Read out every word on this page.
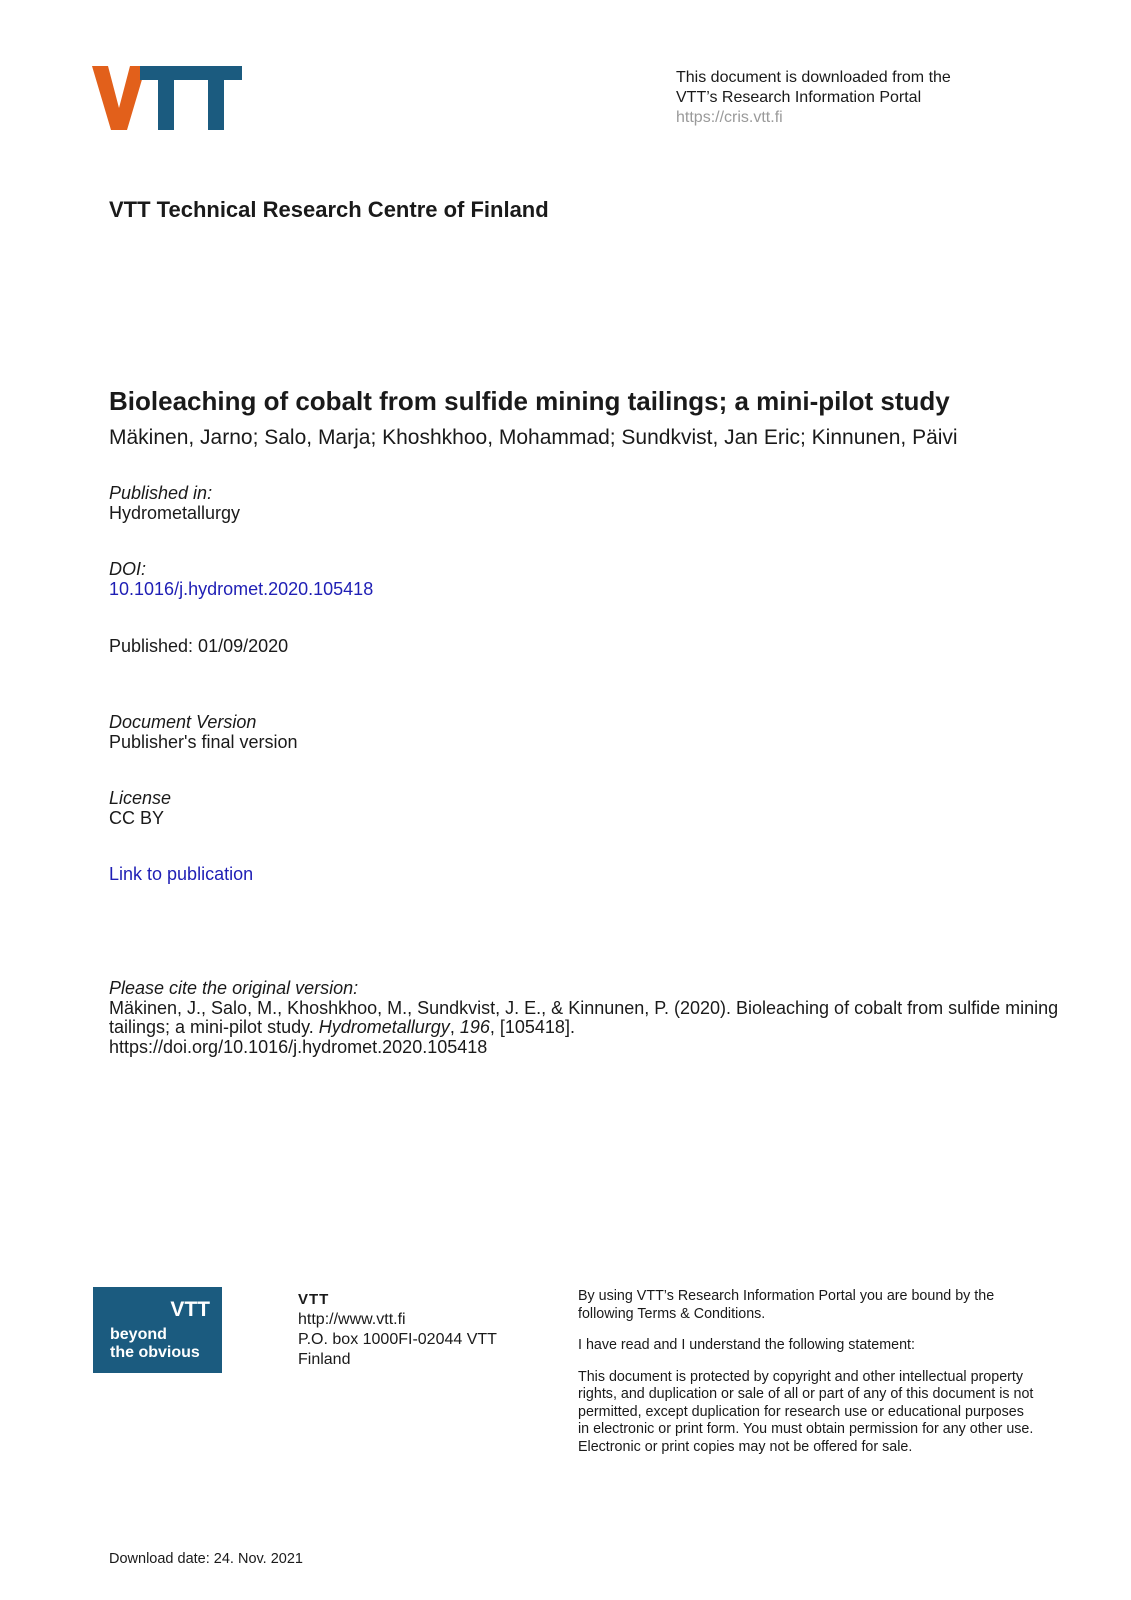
This document is downloaded from the
VTT’s Research Information Portal
https://cris.vtt.fi
VTT Technical Research Centre of Finland
Bioleaching of cobalt from sulfide mining tailings; a mini-pilot study
Mäkinen, Jarno; Salo, Marja; Khoshkhoo, Mohammad; Sundkvist, Jan Eric; Kinnunen, Päivi
Published in:
Hydrometallurgy
DOI:
10.1016/j.hydromet.2020.105418
Published: 01/09/2020
Document Version
Publisher's final version
License
CC BY
Link to publication
Please cite the original version:
Mäkinen, J., Salo, M., Khoshkhoo, M., Sundkvist, J. E., & Kinnunen, P. (2020). Bioleaching of cobalt from sulfide mining tailings; a mini-pilot study. Hydrometallurgy, 196, [105418].
https://doi.org/10.1016/j.hydromet.2020.105418
VTT
beyond
the obvious
VTT
http://www.vtt.fi
P.O. box 1000FI-02044 VTT
Finland

By using VTT’s Research Information Portal you are bound by the following Terms & Conditions.

I have read and I understand the following statement:

This document is protected by copyright and other intellectual property rights, and duplication or sale of all or part of any of this document is not permitted, except duplication for research use or educational purposes in electronic or print form. You must obtain permission for any other use. Electronic or print copies may not be offered for sale.

Download date: 24. Nov. 2021
